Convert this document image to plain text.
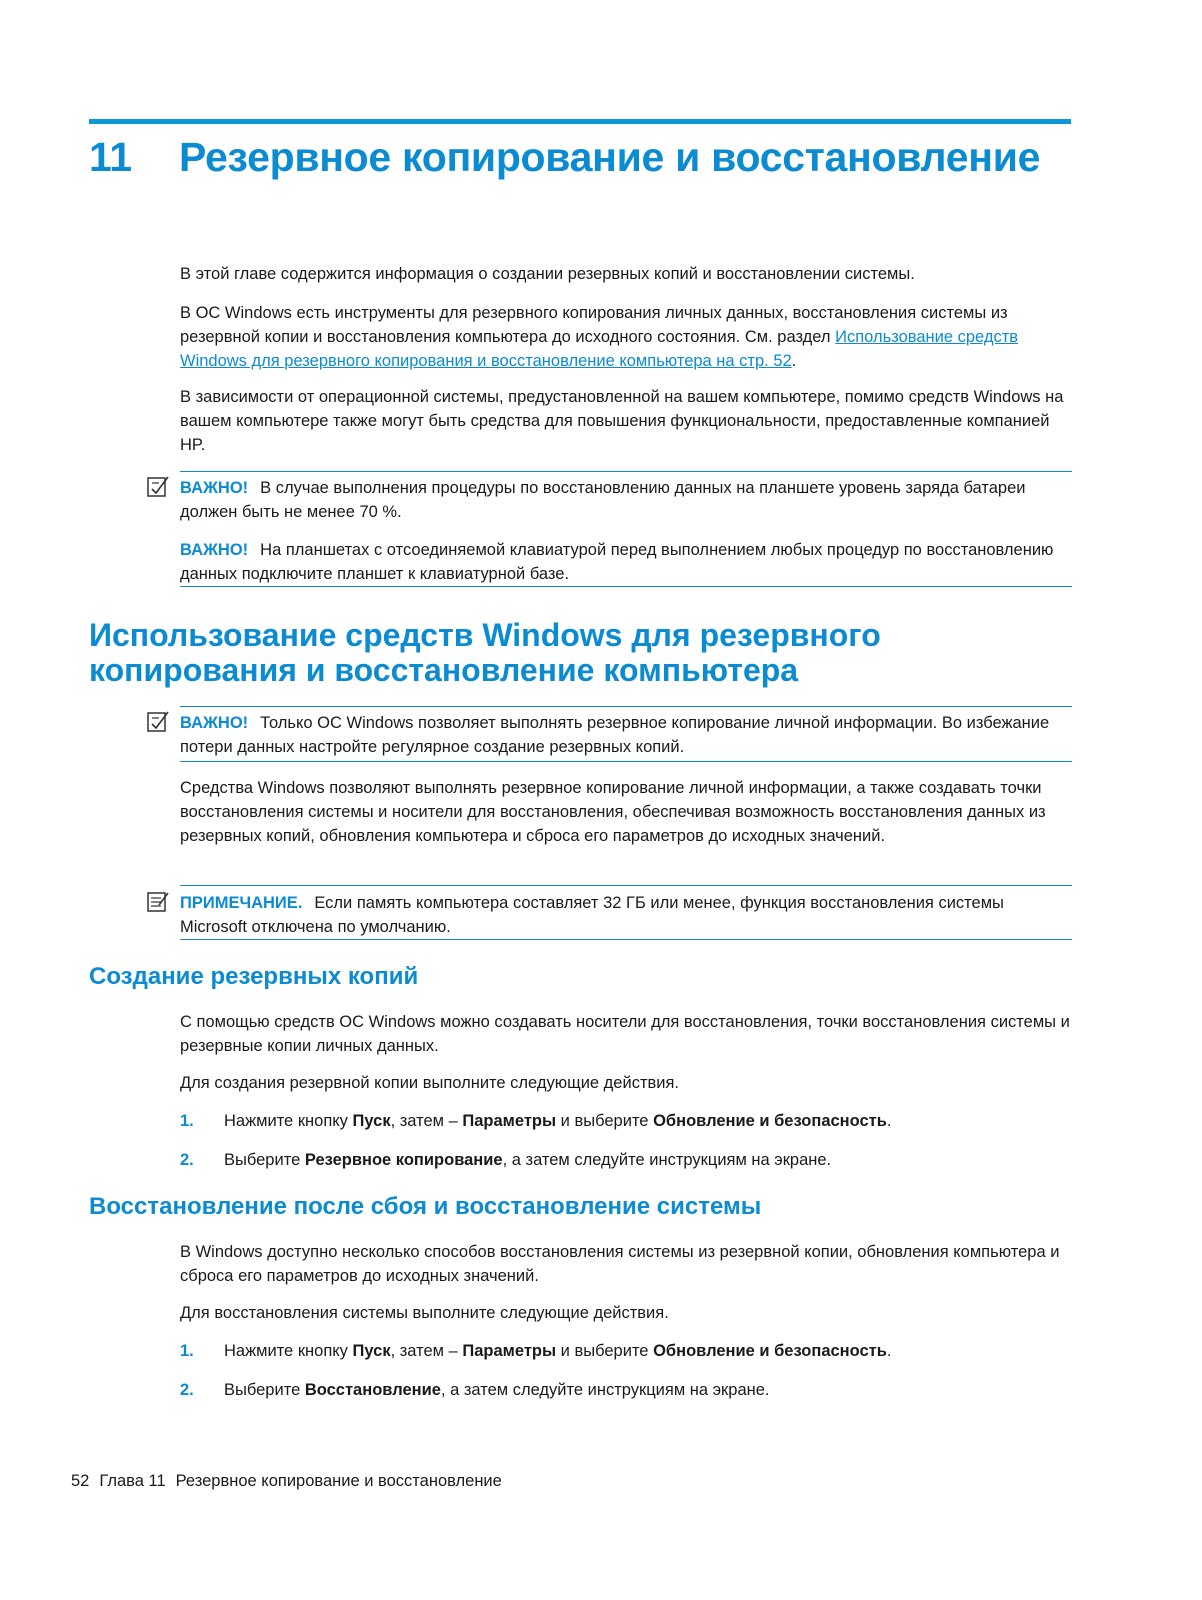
11 Резервное копирование и восстановление

В этой главе содержится информация о создании резервных копий и восстановлении системы.

В ОС Windows есть инструменты для резервного копирования личных данных, восстановления системы из резервной копии и восстановления компьютера до исходного состояния. См. раздел Использование средств Windows для резервного копирования и восстановление компьютера на стр. 52.

В зависимости от операционной системы, предустановленной на вашем компьютере, помимо средств Windows на вашем компьютере также могут быть средства для повышения функциональности, предоставленные компанией HP.

ВАЖНО! В случае выполнения процедуры по восстановлению данных на планшете уровень заряда батареи должен быть не менее 70 %.

ВАЖНО! На планшетах с отсоединяемой клавиатурой перед выполнением любых процедур по восстановлению данных подключите планшет к клавиатурной базе.

Использование средств Windows для резервного копирования и восстановление компьютера

ВАЖНО! Только ОС Windows позволяет выполнять резервное копирование личной информации. Во избежание потери данных настройте регулярное создание резервных копий.

Средства Windows позволяют выполнять резервное копирование личной информации, а также создавать точки восстановления системы и носители для восстановления, обеспечивая возможность восстановления данных из резервных копий, обновления компьютера и сброса его параметров до исходных значений.

ПРИМЕЧАНИЕ. Если память компьютера составляет 32 ГБ или менее, функция восстановления системы Microsoft отключена по умолчанию.

Создание резервных копий

С помощью средств ОС Windows можно создавать носители для восстановления, точки восстановления системы и резервные копии личных данных.

Для создания резервной копии выполните следующие действия.

1. Нажмите кнопку Пуск, затем – Параметры и выберите Обновление и безопасность.

2. Выберите Резервное копирование, а затем следуйте инструкциям на экране.

Восстановление после сбоя и восстановление системы

В Windows доступно несколько способов восстановления системы из резервной копии, обновления компьютера и сброса его параметров до исходных значений.

Для восстановления системы выполните следующие действия.

1. Нажмите кнопку Пуск, затем – Параметры и выберите Обновление и безопасность.

2. Выберите Восстановление, а затем следуйте инструкциям на экране.

52 Глава 11 Резервное копирование и восстановление
